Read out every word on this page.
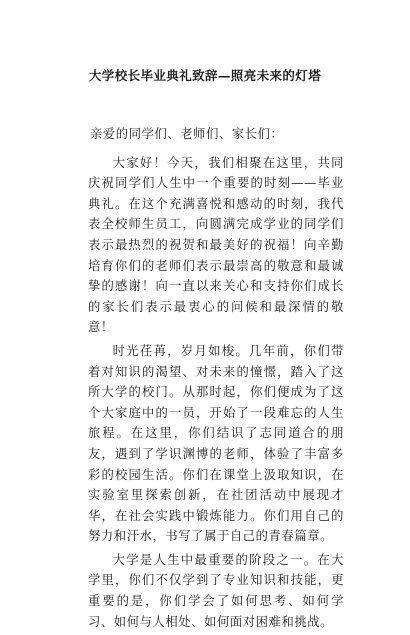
大学校长毕业典礼致辞—照亮未来的灯塔

亲爱的同学们、老师们、家长们：

大家好！今天，我们相聚在这里，共同庆祝同学们人生中一个重要的时刻——毕业典礼。在这个充满喜悦和感动的时刻，我代表全校师生员工，向圆满完成学业的同学们表示最热烈的祝贺和最美好的祝福！向辛勤培育你们的老师们表示最崇高的敬意和最诚挚的感谢！向一直以来关心和支持你们成长的家长们表示最衷心的问候和最深情的敬意！

时光荏苒，岁月如梭。几年前，你们带着对知识的渴望、对未来的憧憬，踏入了这所大学的校门。从那时起，你们便成为了这个大家庭中的一员，开始了一段难忘的人生旅程。在这里，你们结识了志同道合的朋友，遇到了学识渊博的老师，体验了丰富多彩的校园生活。你们在课堂上汲取知识，在实验室里探索创新，在社团活动中展现才华，在社会实践中锻炼能力。你们用自己的努力和汗水，书写了属于自己的青春篇章。

大学是人生中最重要的阶段之一。在大学里，你们不仅学到了专业知识和技能，更重要的是，你们学会了如何思考、如何学习、如何与人相处、如何面对困难和挑战。
